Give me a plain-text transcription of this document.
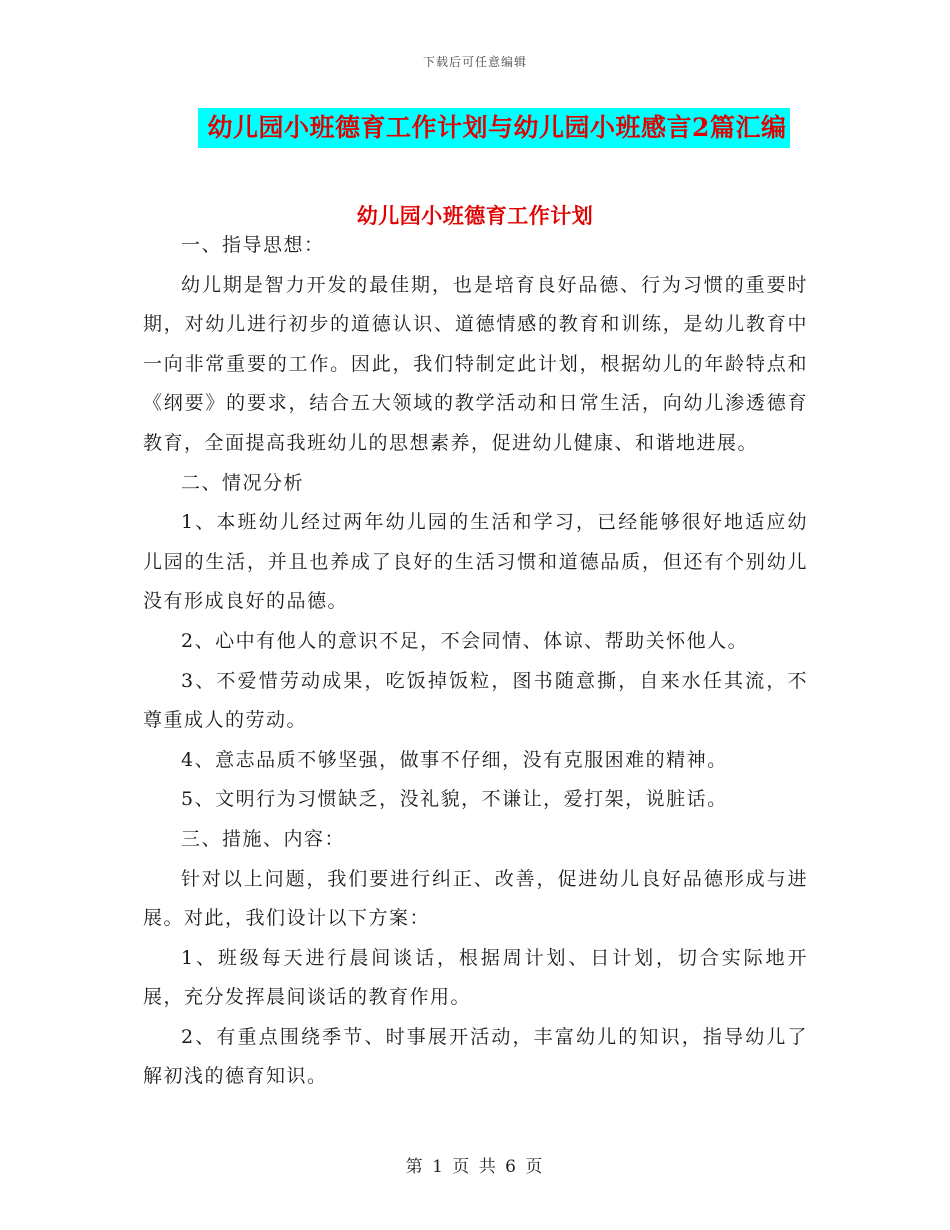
下载后可任意编辑
幼儿园小班德育工作计划与幼儿园小班感言2篇汇编
幼儿园小班德育工作计划

一、指导思想：

幼儿期是智力开发的最佳期，也是培育良好品德、行为习惯的重要时期，对幼儿进行初步的道德认识、道德情感的教育和训练，是幼儿教育中一向非常重要的工作。因此，我们特制定此计划，根据幼儿的年龄特点和《纲要》的要求，结合五大领域的教学活动和日常生活，向幼儿渗透德育教育，全面提高我班幼儿的思想素养，促进幼儿健康、和谐地进展。

二、情况分析

1、本班幼儿经过两年幼儿园的生活和学习，已经能够很好地适应幼儿园的生活，并且也养成了良好的生活习惯和道德品质，但还有个别幼儿没有形成良好的品德。

2、心中有他人的意识不足，不会同情、体谅、帮助关怀他人。

3、不爱惜劳动成果，吃饭掉饭粒，图书随意撕，自来水任其流，不尊重成人的劳动。

4、意志品质不够坚强，做事不仔细，没有克服困难的精神。

5、文明行为习惯缺乏，没礼貌，不谦让，爱打架，说脏话。

三、措施、内容：

针对以上问题，我们要进行纠正、改善，促进幼儿良好品德形成与进展。对此，我们设计以下方案：

1、班级每天进行晨间谈话，根据周计划、日计划，切合实际地开展，充分发挥晨间谈话的教育作用。

2、有重点围绕季节、时事展开活动，丰富幼儿的知识，指导幼儿了解初浅的德育知识。

第 1 页 共 6 页
